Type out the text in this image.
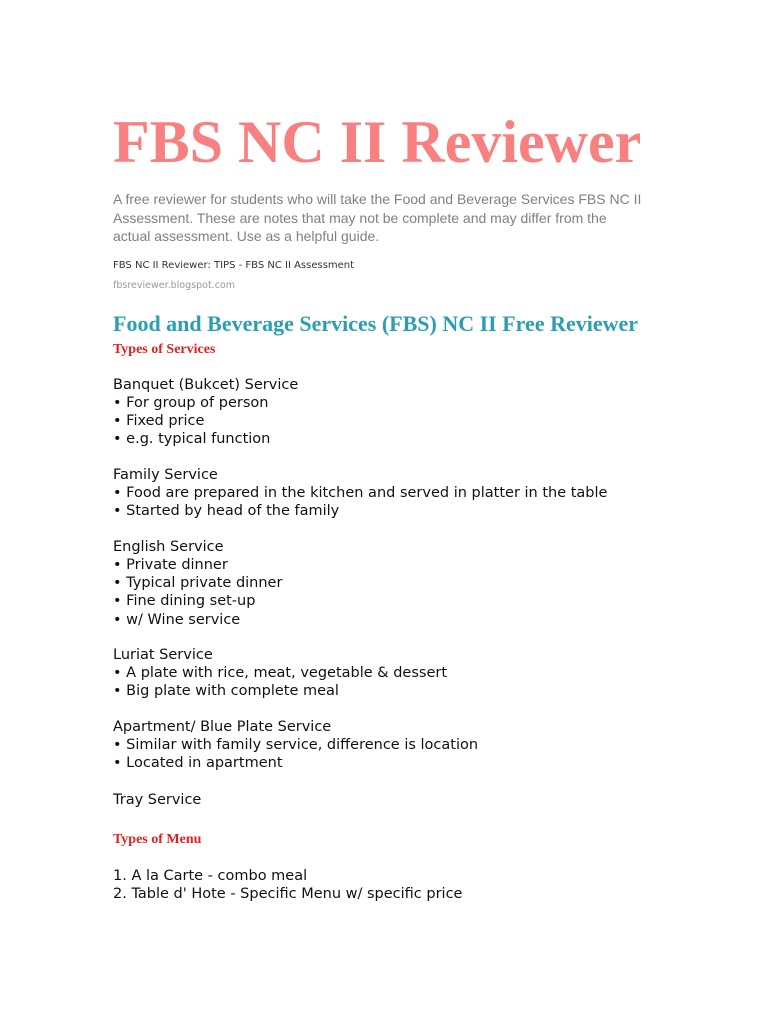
FBS NC II Reviewer

A free reviewer for students who will take the Food and Beverage Services FBS NC II Assessment. These are notes that may not be complete and may differ from the actual assessment. Use as a helpful guide.

FBS NC II Reviewer: TIPS - FBS NC II Assessment
fbsreviewer.blogspot.com
Food and Beverage Services (FBS) NC II Free Reviewer
Types of Services
Banquet (Bukcet) Service
• For group of person
• Fixed price
• e.g. typical function
Family Service
• Food are prepared in the kitchen and served in platter in the table
• Started by head of the family
English Service
• Private dinner
• Typical private dinner
• Fine dining set-up
• w/ Wine service
Luriat Service
• A plate with rice, meat, vegetable & dessert
• Big plate with complete meal
Apartment/ Blue Plate Service
• Similar with family service, difference is location
• Located in apartment
Tray Service
Types of Menu
1. A la Carte - combo meal
2. Table d' Hote - Specific Menu w/ specific price
